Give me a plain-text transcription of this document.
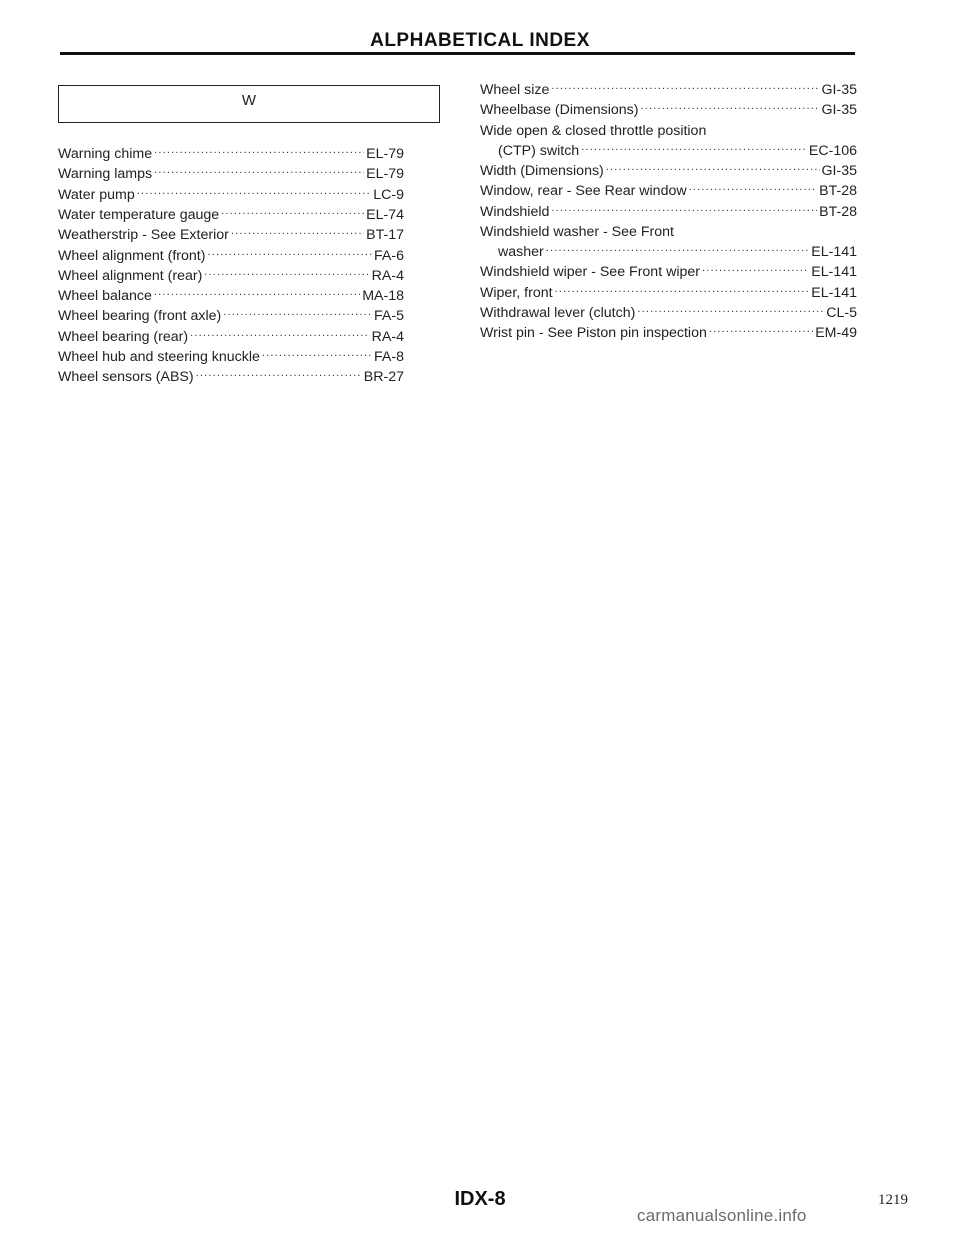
ALPHABETICAL INDEX
W
Warning chime .....	EL-79
Warning lamps .....	EL-79
Water pump .....	LC-9
Water temperature gauge .....	EL-74
Weatherstrip - See Exterior .....	BT-17
Wheel alignment (front) .....	FA-6
Wheel alignment (rear) .....	RA-4
Wheel balance .....	MA-18
Wheel bearing (front axle) .....	FA-5
Wheel bearing (rear) .....	RA-4
Wheel hub and steering knuckle .....	FA-8
Wheel sensors (ABS) .....	BR-27
Wheel size .....	GI-35
Wheelbase (Dimensions) .....	GI-35
Wide open & closed throttle position
(CTP) switch .....	EC-106
Width (Dimensions) .....	GI-35
Window, rear - See Rear window .....	BT-28
Windshield .....	BT-28
Windshield washer - See Front
washer .....	EL-141
Windshield wiper - See Front wiper .....	EL-141
Wiper, front .....	EL-141
Withdrawal lever (clutch) .....	CL-5
Wrist pin - See Piston pin inspection .....	EM-49
IDX-8	1219
carmanualsonline.info
